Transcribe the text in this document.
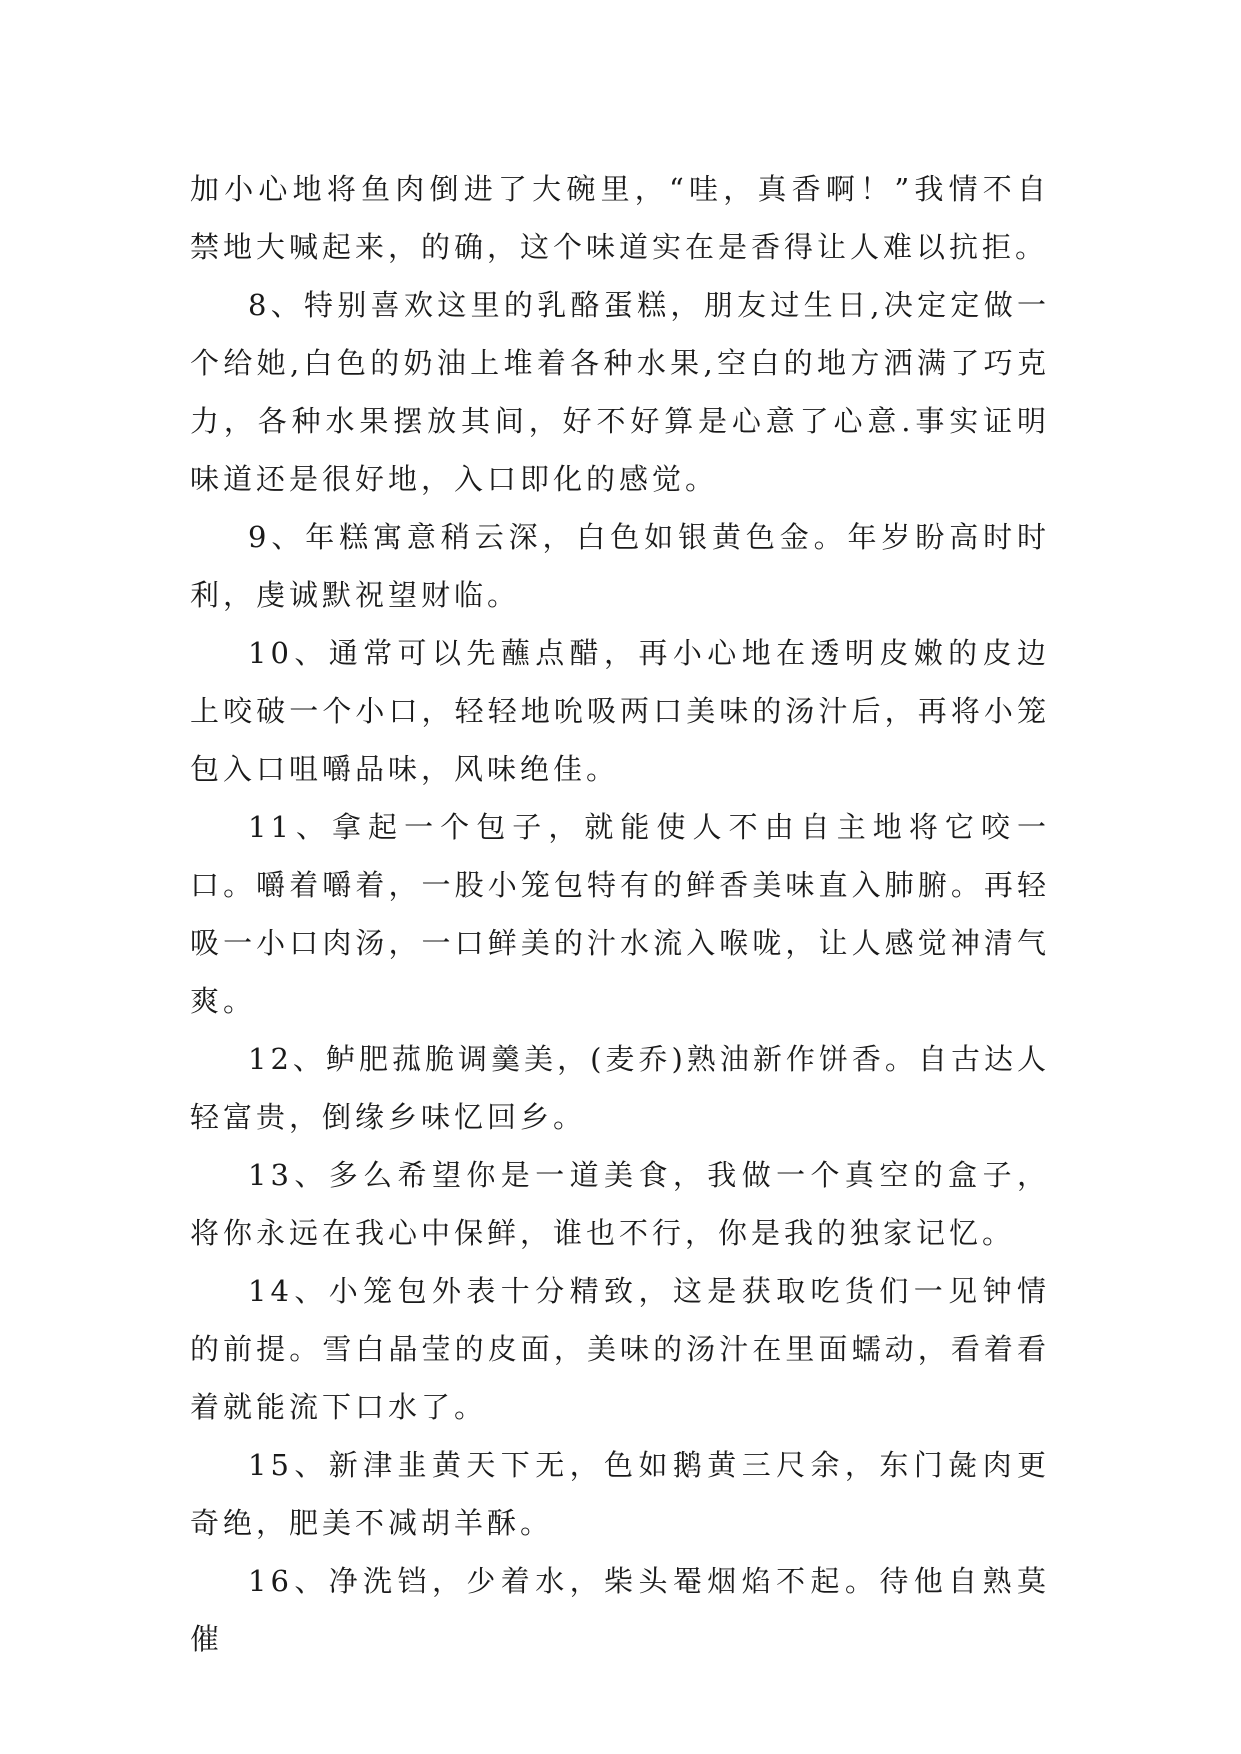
加小心地将鱼肉倒进了大碗里，“哇，真香啊！”我情不自禁地大喊起来，的确，这个味道实在是香得让人难以抗拒。

8、特别喜欢这里的乳酪蛋糕，朋友过生日,决定定做一个给她,白色的奶油上堆着各种水果,空白的地方洒满了巧克力，各种水果摆放其间，好不好算是心意了心意.事实证明味道还是很好地，入口即化的感觉。

9、年糕寓意稍云深，白色如银黄色金。年岁盼高时时利，虔诚默祝望财临。

10、通常可以先蘸点醋，再小心地在透明皮嫩的皮边上咬破一个小口，轻轻地吮吸两口美味的汤汁后，再将小笼包入口咀嚼品味，风味绝佳。

11、拿起一个包子，就能使人不由自主地将它咬一口。嚼着嚼着，一股小笼包特有的鲜香美味直入肺腑。再轻吸一小口肉汤，一口鲜美的汁水流入喉咙，让人感觉神清气爽。

12、鲈肥菰脆调羹美，(麦乔)熟油新作饼香。自古达人轻富贵，倒缘乡味忆回乡。

13、多么希望你是一道美食，我做一个真空的盒子，将你永远在我心中保鲜，谁也不行，你是我的独家记忆。

14、小笼包外表十分精致，这是获取吃货们一见钟情的前提。雪白晶莹的皮面，美味的汤汁在里面蠕动，看着看着就能流下口水了。

15、新津韭黄天下无，色如鹅黄三尺余，东门彘肉更奇绝，肥美不减胡羊酥。

16、净洗铛，少着水，柴头罨烟焰不起。待他自熟莫催
